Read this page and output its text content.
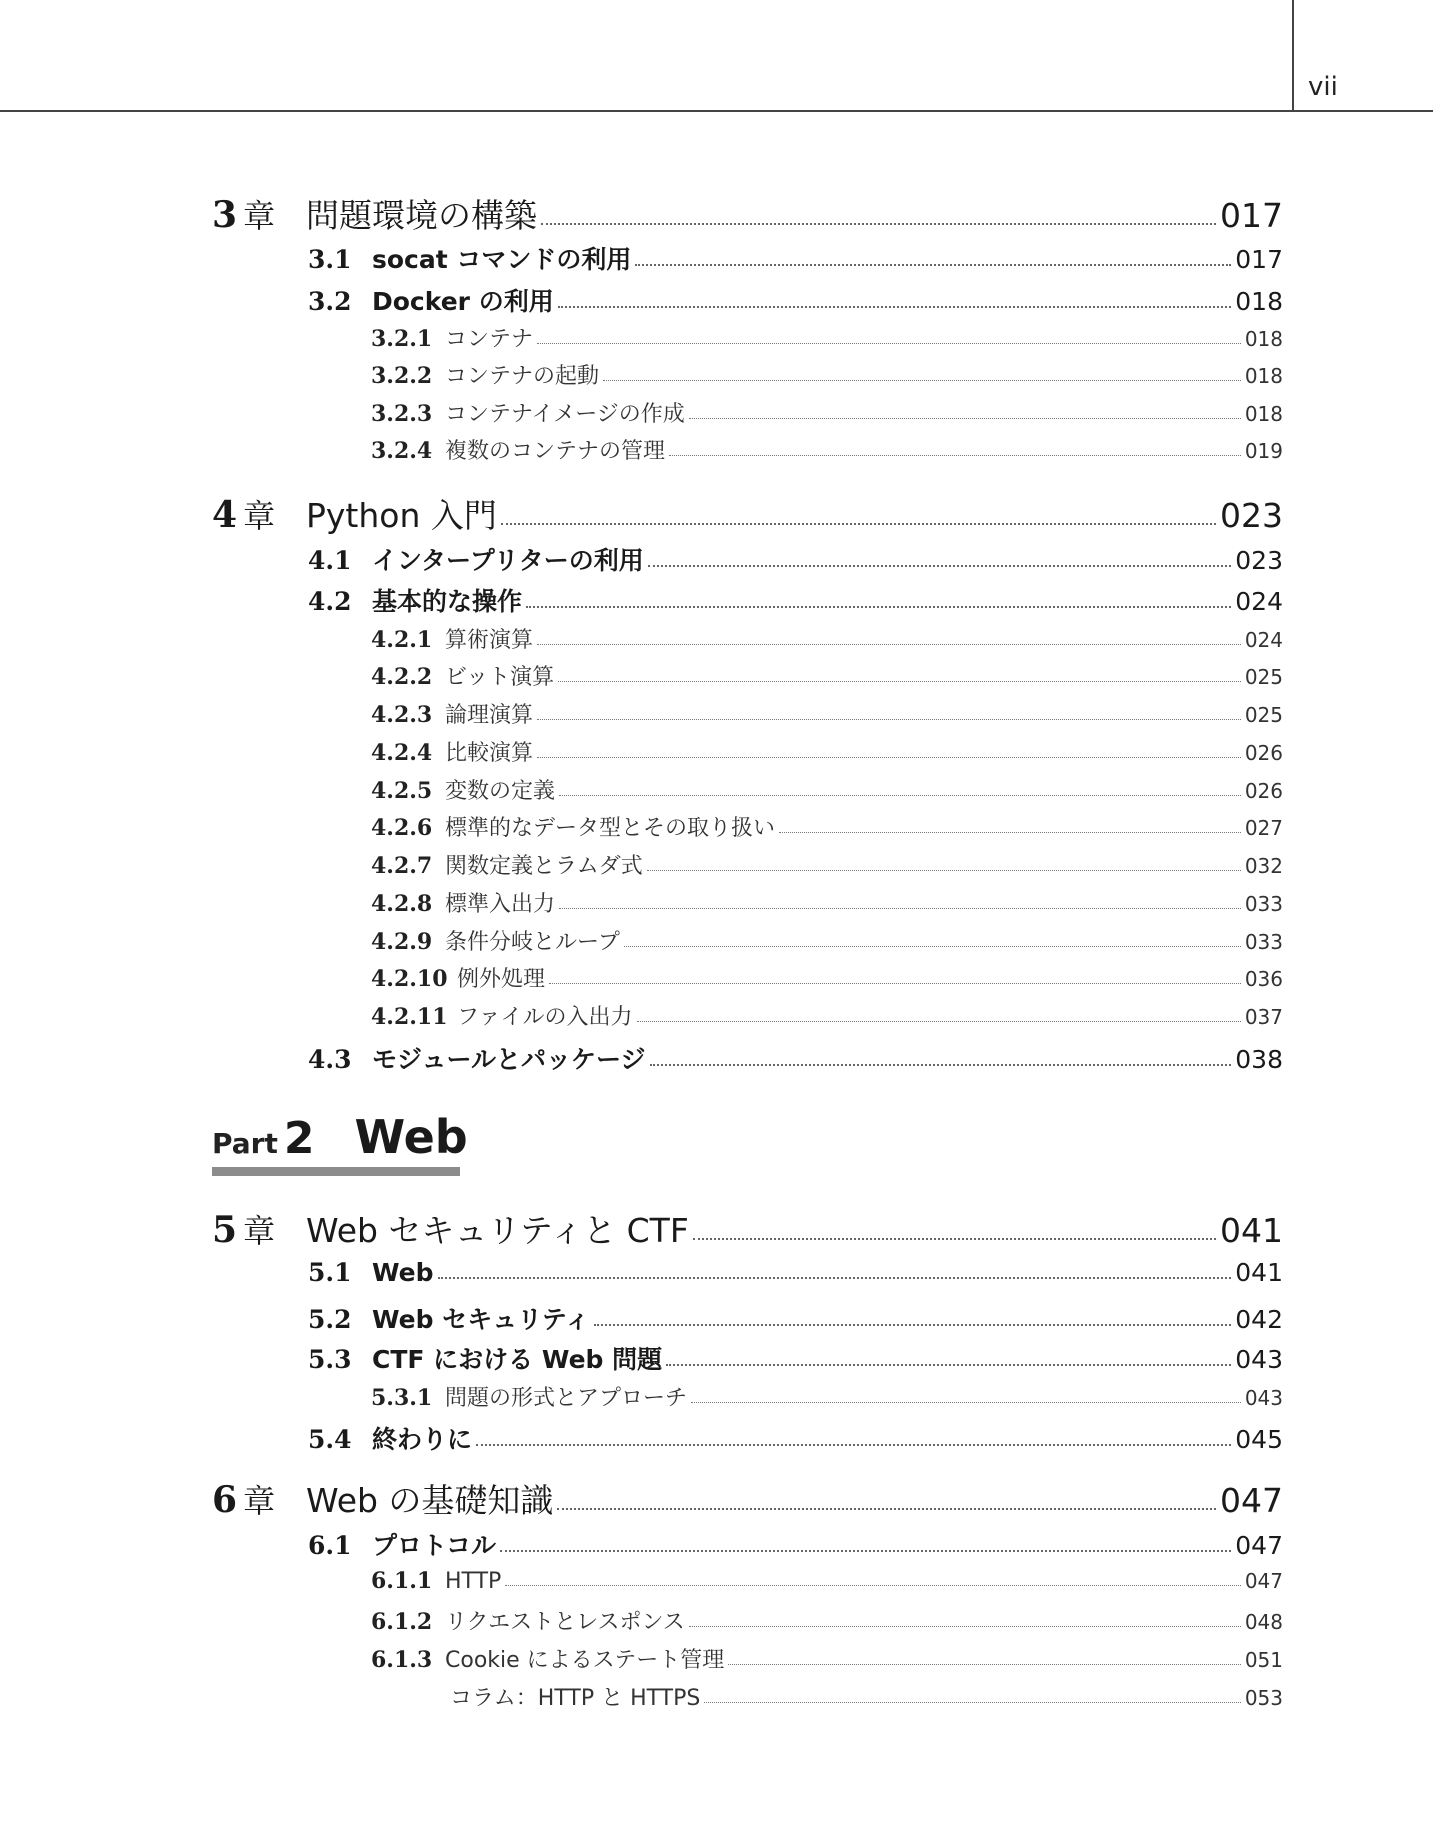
vii
3 章 問題環境の構築	017
3.1 socat コマンドの利用	017
3.2 Docker の利用	018
3.2.1 コンテナ	018
3.2.2 コンテナの起動	018
3.2.3 コンテナイメージの作成	018
3.2.4 複数のコンテナの管理	019
4 章 Python 入門	023
4.1 インタープリターの利用	023
4.2 基本的な操作	024
4.2.1 算術演算	024
4.2.2 ビット演算	025
4.2.3 論理演算	025
4.2.4 比較演算	026
4.2.5 変数の定義	026
4.2.6 標準的なデータ型とその取り扱い	027
4.2.7 関数定義とラムダ式	032
4.2.8 標準入出力	033
4.2.9 条件分岐とループ	033
4.2.10 例外処理	036
4.2.11 ファイルの入出力	037
4.3 モジュールとパッケージ	038
Part 2 Web
5 章 Web セキュリティと CTF	041
5.1 Web	041
5.2 Web セキュリティ	042
5.3 CTF における Web 問題	043
5.3.1 問題の形式とアプローチ	043
5.4 終わりに	045
6 章 Web の基礎知識	047
6.1 プロトコル	047
6.1.1 HTTP	047
6.1.2 リクエストとレスポンス	048
6.1.3 Cookie によるステート管理	051
コラム：HTTP と HTTPS	053
